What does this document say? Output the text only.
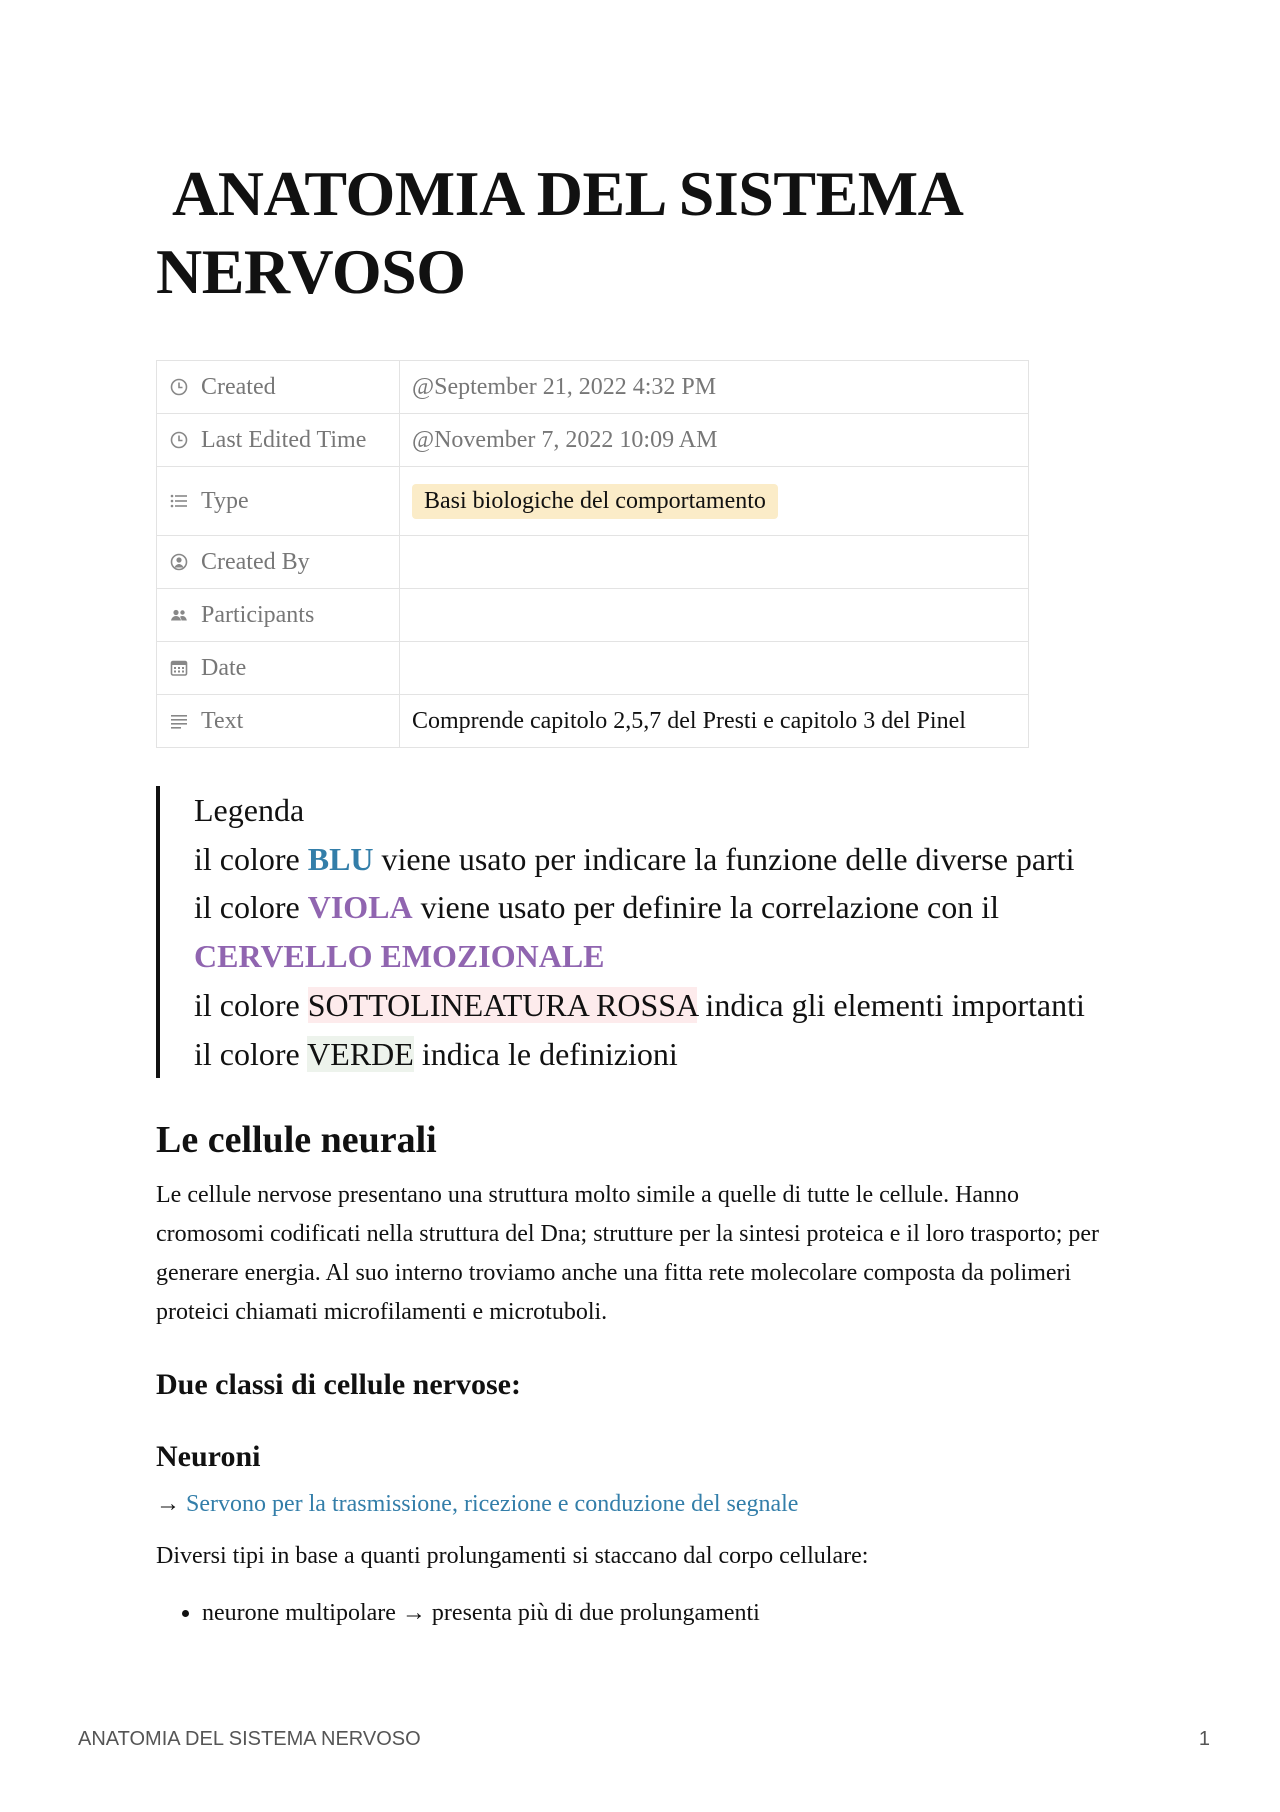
ANATOMIA DEL SISTEMA
NERVOSO
Created	@September 21, 2022 4:32 PM

Last Edited Time	@November 7, 2022 10:09 AM

Type	Basi biologiche del comportamento

Created By	

Participants	

Date	

Text	Comprende capitolo 2,5,7 del Presti e capitolo 3 del Pinel
Legenda
il colore BLU viene usato per indicare la funzione delle diverse parti
il colore VIOLA viene usato per definire la correlazione con il
CERVELLO EMOZIONALE
il colore SOTTOLINEATURA ROSSA indica gli elementi importanti
il colore VERDE indica le definizioni
Le cellule neurali

Le cellule nervose presentano una struttura molto simile a quelle di tutte le cellule. Hanno cromosomi codificati nella struttura del Dna; strutture per la sintesi proteica e il loro trasporto; per generare energia. Al suo interno troviamo anche una fitta rete molecolare composta da polimeri proteici chiamati microfilamenti e microtuboli.

Due classi di cellule nervose:
Neuroni
→ Servono per la trasmissione, ricezione e conduzione del segnale

Diversi tipi in base a quanti prolungamenti si staccano dal corpo cellulare:

• neurone multipolare → presenta più di due prolungamenti
ANATOMIA DEL SISTEMA NERVOSO	1
